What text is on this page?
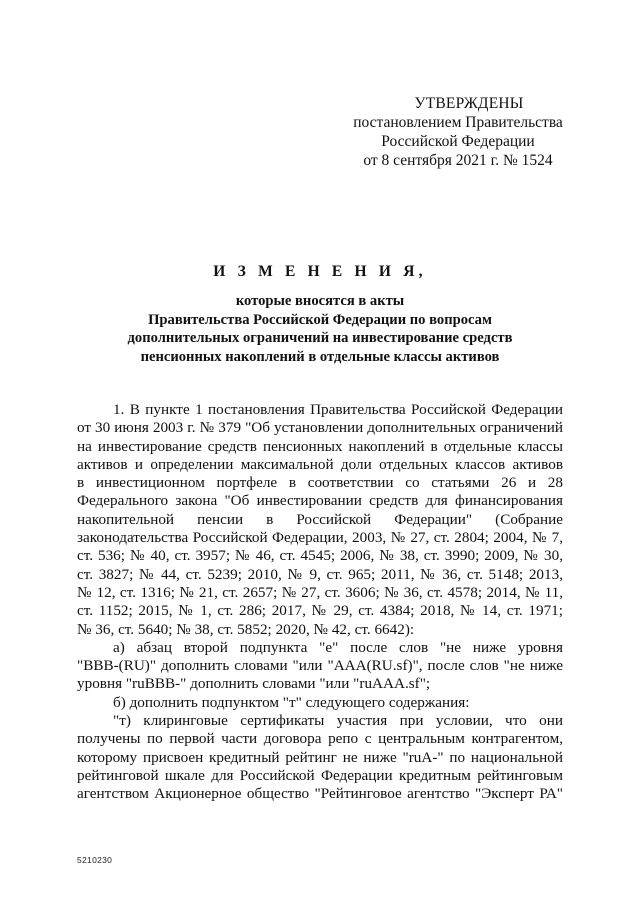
УТВЕРЖДЕНЫ
постановлением Правительства
Российской Федерации
от 8 сентября 2021 г. № 1524
И З М Е Н Е Н И Я,
которые вносятся в акты
Правительства Российской Федерации по вопросам
дополнительных ограничений на инвестирование средств
пенсионных накоплений в отдельные классы активов
1. В пункте 1 постановления Правительства Российской Федерации
от 30 июня 2003 г. № 379 "Об установлении дополнительных ограничений
на инвестирование средств пенсионных накоплений в отдельные классы
активов и определении максимальной доли отдельных классов активов
в инвестиционном портфеле в соответствии со статьями 26 и 28
Федерального закона "Об инвестировании средств для финансирования
накопительной пенсии в Российской Федерации" (Собрание
законодательства Российской Федерации, 2003, № 27, ст. 2804; 2004, № 7,
ст. 536; № 40, ст. 3957; № 46, ст. 4545; 2006, № 38, ст. 3990; 2009, № 30,
ст. 3827; № 44, ст. 5239; 2010, № 9, ст. 965; 2011, № 36, ст. 5148; 2013,
№ 12, ст. 1316; № 21, ст. 2657; № 27, ст. 3606; № 36, ст. 4578; 2014, № 11,
ст. 1152; 2015, № 1, ст. 286; 2017, № 29, ст. 4384; 2018, № 14, ст. 1971;
№ 36, ст. 5640; № 38, ст. 5852; 2020, № 42, ст. 6642):
а) абзац второй подпункта "е" после слов "не ниже уровня
"BBB-(RU)" дополнить словами "или "AAA(RU.sf)", после слов "не ниже
уровня "ruBBB-" дополнить словами "или "ruAAA.sf";
б) дополнить подпунктом "т" следующего содержания:
"т) клиринговые сертификаты участия при условии, что они
получены по первой части договора репо с центральным контрагентом,
которому присвоен кредитный рейтинг не ниже "ruA-" по национальной
рейтинговой шкале для Российской Федерации кредитным рейтинговым
агентством Акционерное общество "Рейтинговое агентство "Эксперт РА"
5210230
